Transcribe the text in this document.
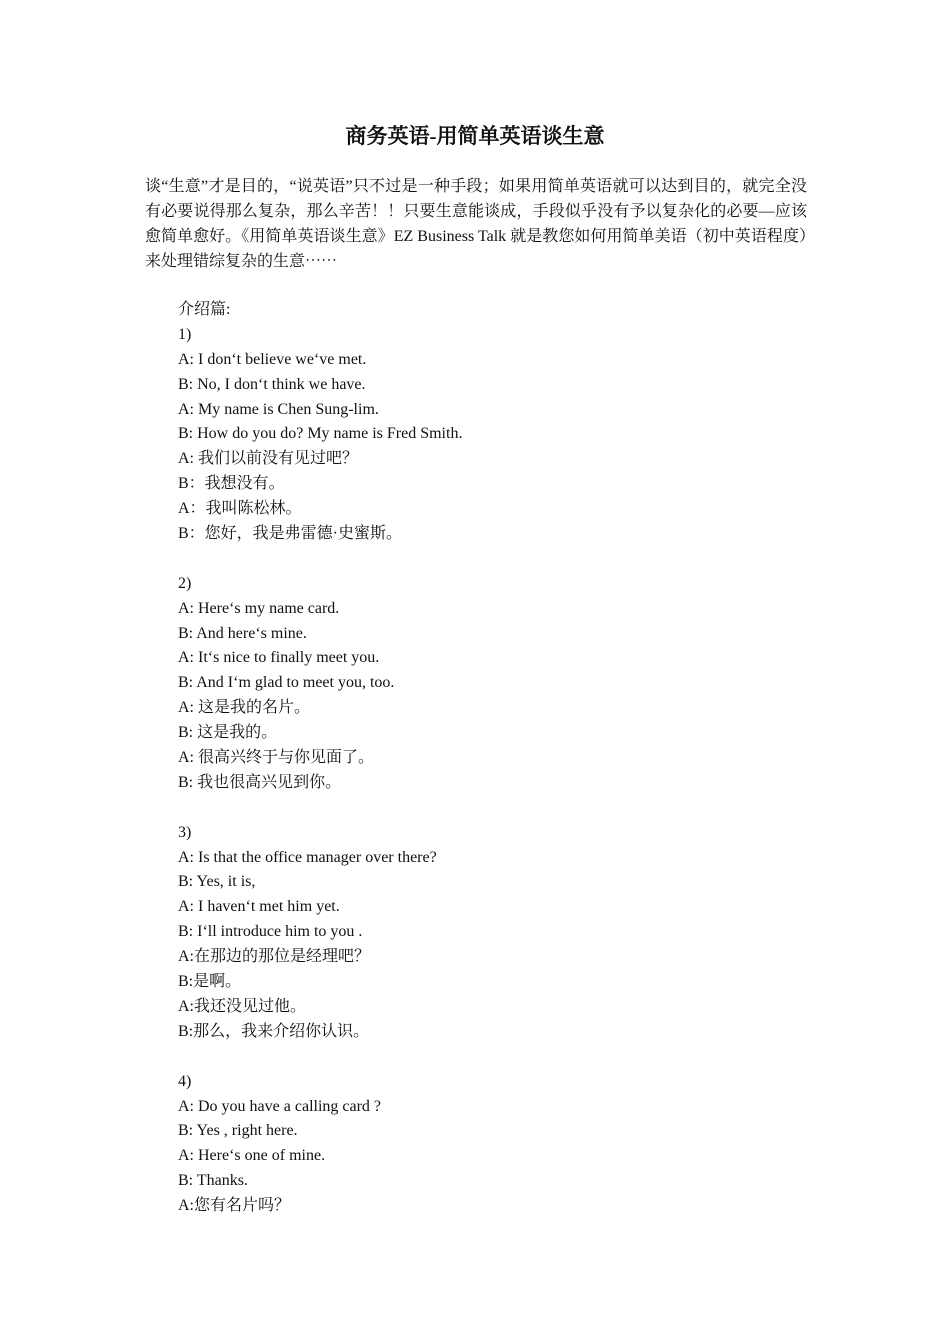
商务英语-用简单英语谈生意

谈“生意”才是目的，“说英语”只不过是一种手段；如果用简单英语就可以达到目的，就完全没有必要说得那么复杂，那么辛苦！！只要生意能谈成，手段似乎没有予以复杂化的必要—应该愈简单愈好。《用简单英语谈生意》EZ Business Talk 就是教您如何用简单美语（初中英语程度）来处理错综复杂的生意⋯⋯

介绍篇:
1)
A: I don‘t believe we‘ve met.
B: No, I don‘t think we have.
A: My name is Chen Sung-lim.
B: How do you do? My name is Fred Smith.
A: 我们以前没有见过吧？
B：我想没有。
A：我叫陈松林。
B：您好，我是弗雷德·史蜜斯。
2)
A: Here‘s my name card.
B: And here‘s mine.
A: It‘s nice to finally meet you.
B: And I‘m glad to meet you, too.
A: 这是我的名片。
B: 这是我的。
A: 很高兴终于与你见面了。
B: 我也很高兴见到你。
3)
A: Is that the office manager over there?
B: Yes, it is,
A: I haven‘t met him yet.
B: I‘ll introduce him to you .
A:在那边的那位是经理吧？
B:是啊。
A:我还没见过他。
B:那么，我来介绍你认识。
4)
A: Do you have a calling card ?
B: Yes , right here.
A: Here‘s one of mine.
B: Thanks.
A:您有名片吗？
